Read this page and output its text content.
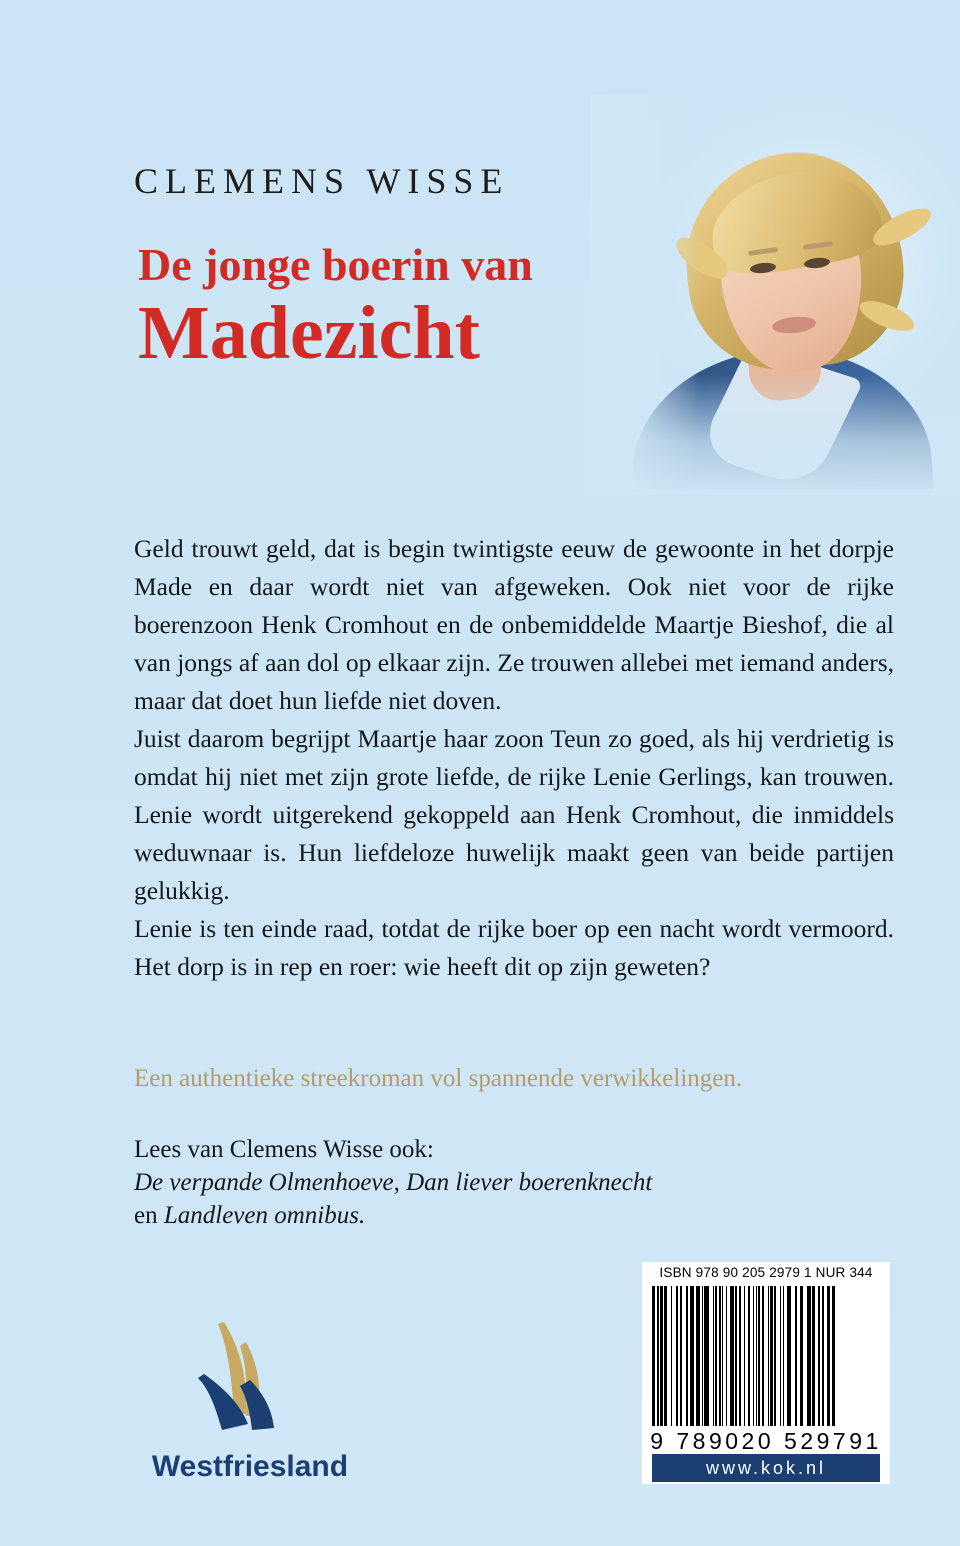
CLEMENS WISSE
De jonge boerin van
Madezicht

Geld trouwt geld, dat is begin twintigste eeuw de gewoonte in het dorpje Made en daar wordt niet van afgeweken. Ook niet voor de rijke boerenzoon Henk Cromhout en de onbemiddelde Maartje Bieshof, die al van jongs af aan dol op elkaar zijn. Ze trouwen allebei met iemand anders, maar dat doet hun liefde niet doven.

Juist daarom begrijpt Maartje haar zoon Teun zo goed, als hij verdrietig is omdat hij niet met zijn grote liefde, de rijke Lenie Gerlings, kan trouwen. Lenie wordt uitgerekend gekoppeld aan Henk Cromhout, die inmiddels weduwnaar is. Hun liefdeloze huwelijk maakt geen van beide partijen gelukkig.

Lenie is ten einde raad, totdat de rijke boer op een nacht wordt vermoord. Het dorp is in rep en roer: wie heeft dit op zijn geweten?

Een authentieke streekroman vol spannende verwikkelingen.
Lees van Clemens Wisse ook:
De verpande Olmenhoeve, Dan liever boerenknecht
en Landleven omnibus.
Westfriesland
ISBN 978 90 205 2979 1 NUR 344
9 789020 529791
www.kok.nl
